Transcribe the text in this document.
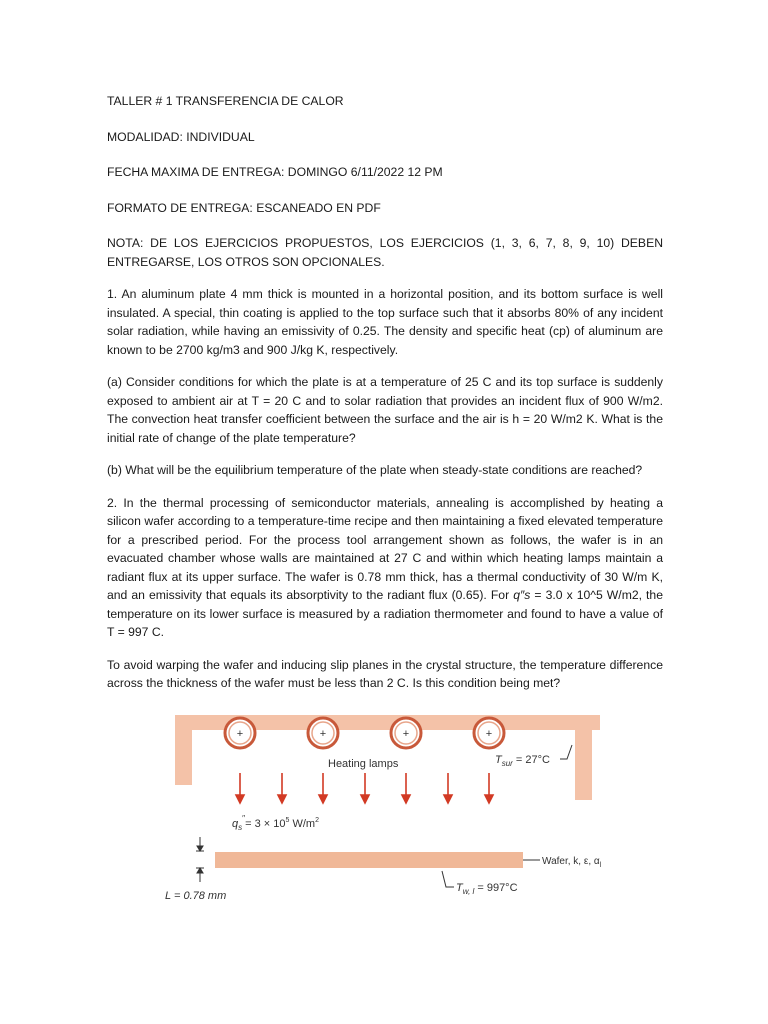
TALLER # 1 TRANSFERENCIA DE CALOR

MODALIDAD: INDIVIDUAL

FECHA MAXIMA DE ENTREGA: DOMINGO 6/11/2022 12 PM

FORMATO DE ENTREGA: ESCANEADO EN PDF

NOTA: DE LOS EJERCICIOS PROPUESTOS, LOS EJERCICIOS (1, 3, 6, 7, 8, 9, 10) DEBEN ENTREGARSE, LOS OTROS SON OPCIONALES.

1. An aluminum plate 4 mm thick is mounted in a horizontal position, and its bottom surface is well insulated. A special, thin coating is applied to the top surface such that it absorbs 80% of any incident solar radiation, while having an emissivity of 0.25. The density and specific heat (cp) of aluminum are known to be 2700 kg/m3 and 900 J/kg K, respectively.

(a) Consider conditions for which the plate is at a temperature of 25 C and its top surface is suddenly exposed to ambient air at T = 20 C and to solar radiation that provides an incident flux of 900 W/m2. The convection heat transfer coefficient between the surface and the air is h = 20 W/m2 K. What is the initial rate of change of the plate temperature?

(b) What will be the equilibrium temperature of the plate when steady-state conditions are reached?

2. In the thermal processing of semiconductor materials, annealing is accomplished by heating a silicon wafer according to a temperature-time recipe and then maintaining a fixed elevated temperature for a prescribed period. For the process tool arrangement shown as follows, the wafer is in an evacuated chamber whose walls are maintained at 27 C and within which heating lamps maintain a radiant flux at its upper surface. The wafer is 0.78 mm thick, has a thermal conductivity of 30 W/m K, and an emissivity that equals its absorptivity to the radiant flux (0.65). For q″s = 3.0 x 10^5 W/m2, the temperature on its lower surface is measured by a radiation thermometer and found to have a value of T = 997 C.

To avoid warping the wafer and inducing slip planes in the crystal structure, the temperature difference across the thickness of the wafer must be less than 2 C. Is this condition being met?

+	+	+	+
Heating lamps	$T_{sur} = 27^\circ C$
$q_s''= 3 \times 10^5$ $W/m^2$
Wafer, k, ε, $\alpha_l$
L = 0.78 mm
$T_{w, l} = 997^\circ C$
